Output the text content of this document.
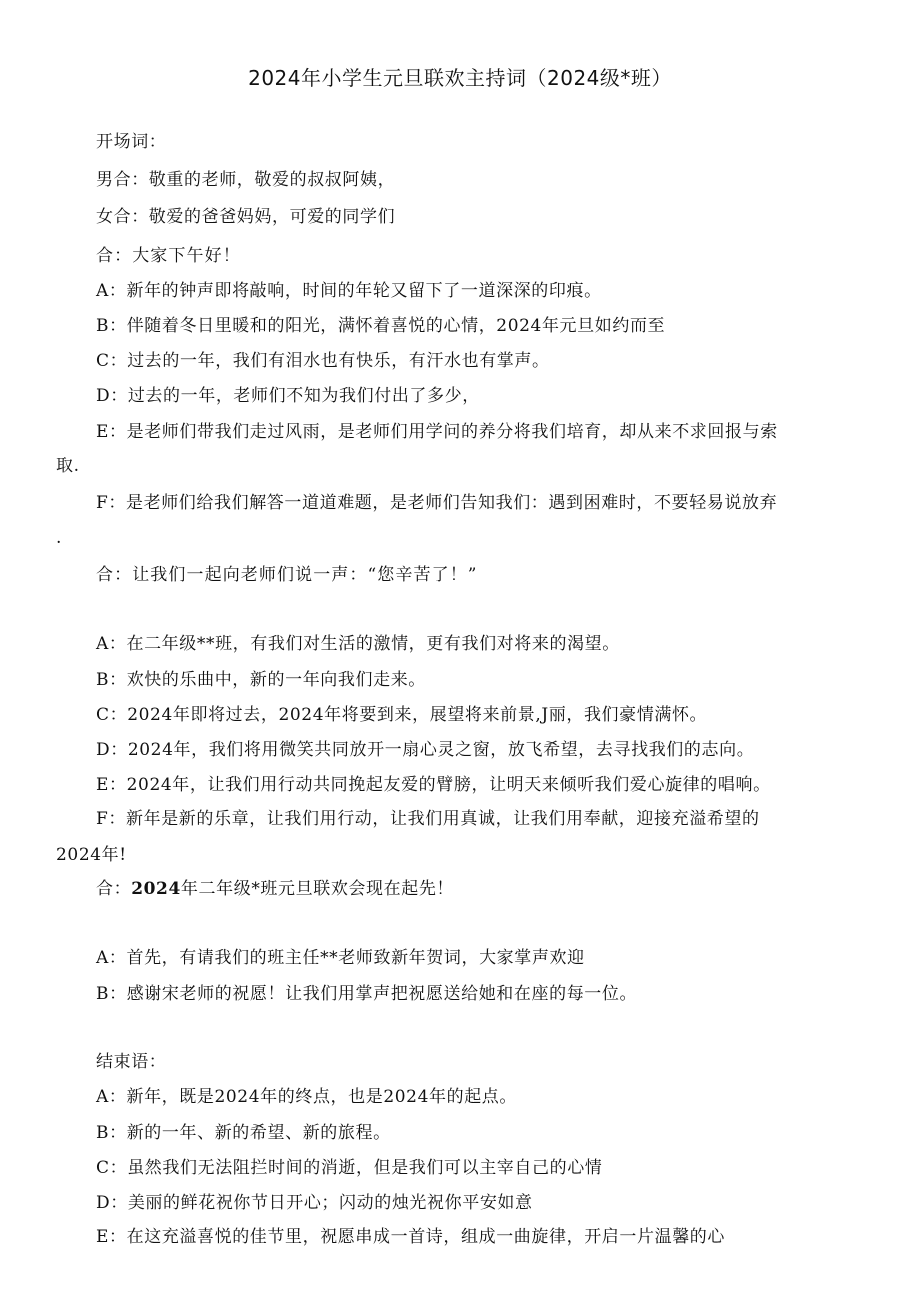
2024年小学生元旦联欢主持词（2024级*班）
开场词：
男合：敬重的老师，敬爱的叔叔阿姨，
女合：敬爱的爸爸妈妈，可爱的同学们
合：大家下午好！
A：新年的钟声即将敲响，时间的年轮又留下了一道深深的印痕。
B：伴随着冬日里暖和的阳光，满怀着喜悦的心情，2024年元旦如约而至
C：过去的一年，我们有泪水也有快乐，有汗水也有掌声。
D：过去的一年，老师们不知为我们付出了多少，
E：是老师们带我们走过风雨，是老师们用学问的养分将我们培育，却从来不求回报与索
取.
F：是老师们给我们解答一道道难题，是老师们告知我们：遇到困难时，不要轻易说放弃
.
合：让我们一起向老师们说一声：“您辛苦了！”
A：在二年级**班，有我们对生活的激情，更有我们对将来的渴望。
B：欢快的乐曲中，新的一年向我们走来。
C：2024年即将过去，2024年将要到来，展望将来前景,J丽，我们豪情满怀。
D：2024年，我们将用微笑共同放开一扇心灵之窗，放飞希望，去寻找我们的志向。
E：2024年，让我们用行动共同挽起友爱的臂膀，让明天来倾听我们爱心旋律的唱响。
F：新年是新的乐章，让我们用行动，让我们用真诚，让我们用奉献，迎接充溢希望的
2024年!
合：2024年二年级*班元旦联欢会现在起先！
A：首先，有请我们的班主任**老师致新年贺词，大家掌声欢迎
B：感谢宋老师的祝愿！让我们用掌声把祝愿送给她和在座的每一位。
结束语：
A：新年，既是2024年的终点，也是2024年的起点。
B：新的一年、新的希望、新的旅程。
C：虽然我们无法阻拦时间的消逝，但是我们可以主宰自己的心情
D：美丽的鲜花祝你节日开心；闪动的烛光祝你平安如意
E：在这充溢喜悦的佳节里，祝愿串成一首诗，组成一曲旋律，开启一片温馨的心
